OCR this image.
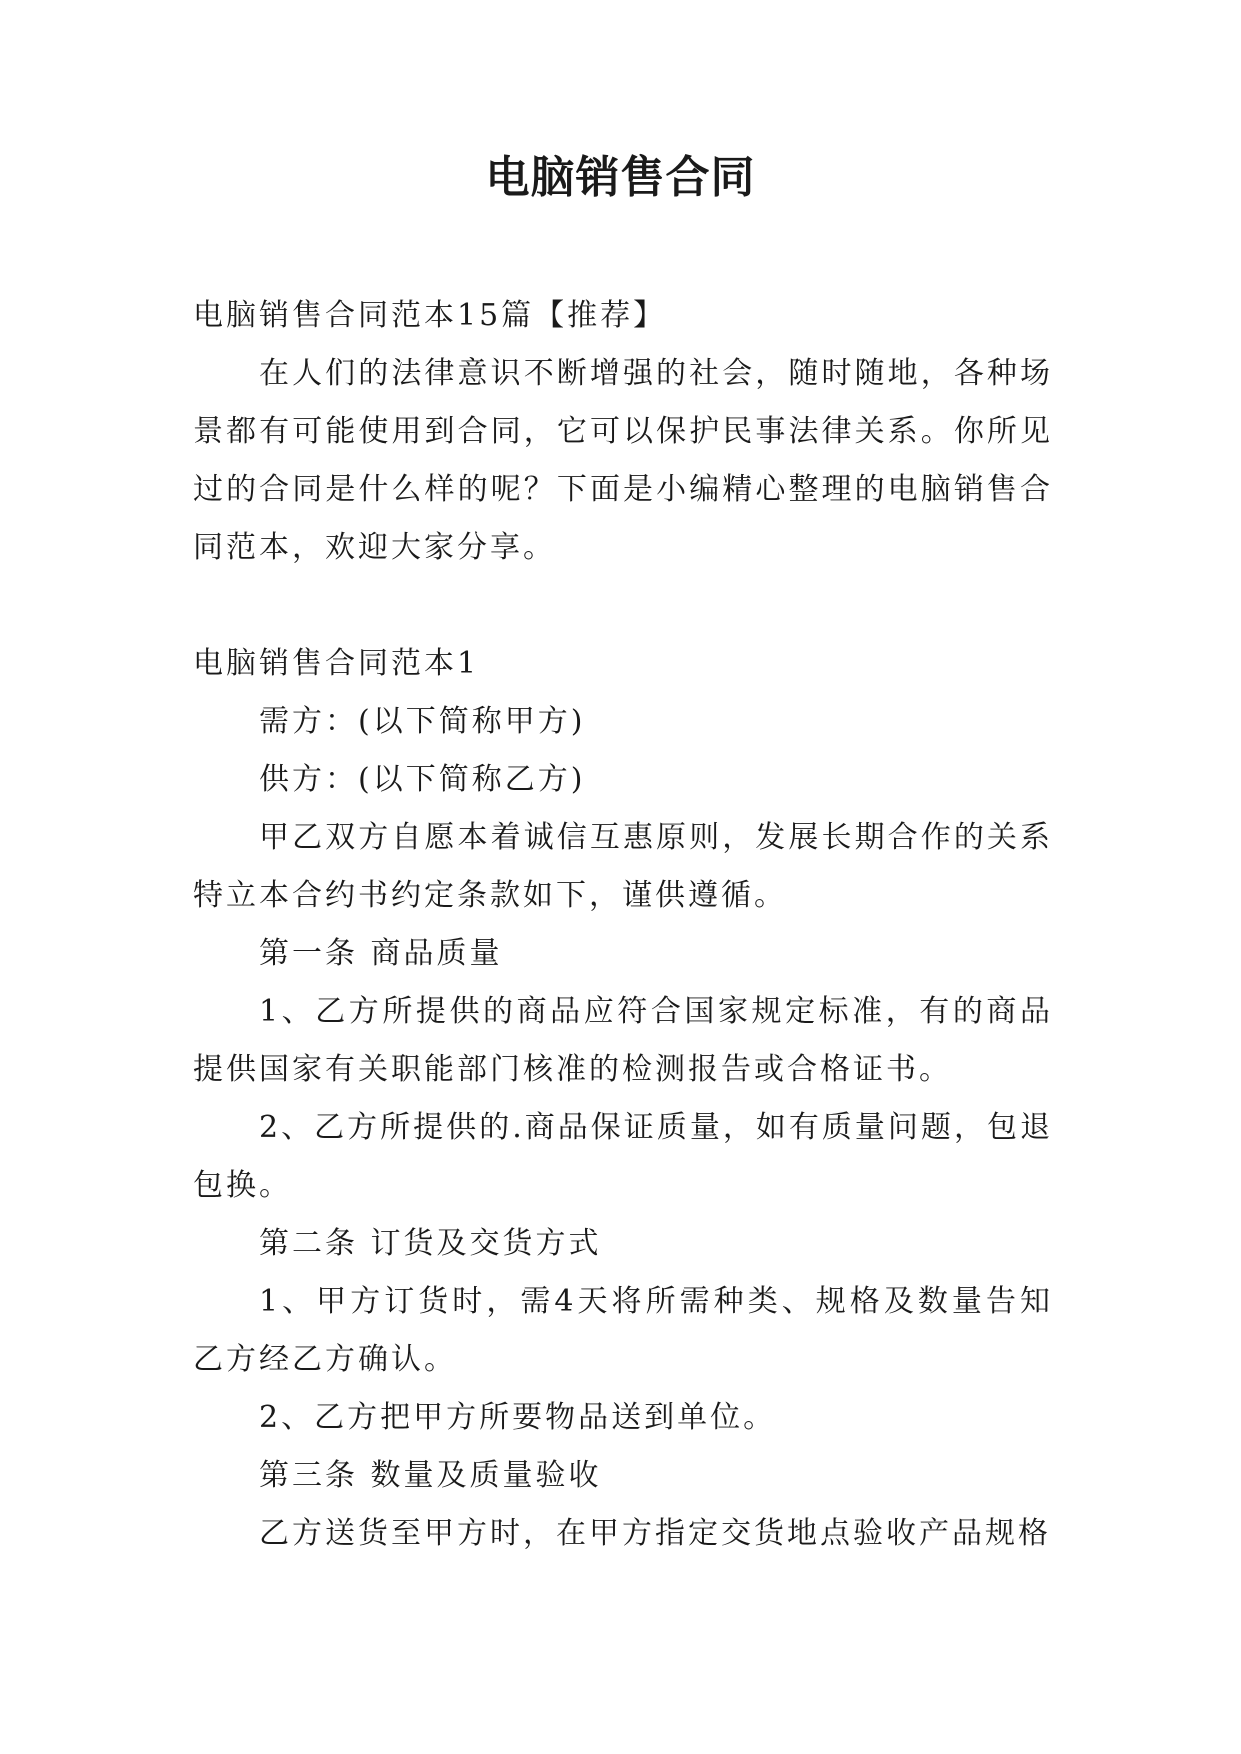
电脑销售合同

电脑销售合同范本15篇【推荐】

在人们的法律意识不断增强的社会，随时随地，各种场景都有可能使用到合同，它可以保护民事法律关系。你所见过的合同是什么样的呢？下面是小编精心整理的电脑销售合同范本，欢迎大家分享。

电脑销售合同范本1

需方：(以下简称甲方)

供方：(以下简称乙方)

甲乙双方自愿本着诚信互惠原则，发展长期合作的关系特立本合约书约定条款如下，谨供遵循。

第一条 商品质量

1、乙方所提供的商品应符合国家规定标准，有的商品提供国家有关职能部门核准的检测报告或合格证书。

2、乙方所提供的.商品保证质量，如有质量问题，包退包换。

第二条 订货及交货方式

1、甲方订货时，需4天将所需种类、规格及数量告知乙方经乙方确认。

2、乙方把甲方所要物品送到单位。

第三条 数量及质量验收

乙方送货至甲方时，在甲方指定交货地点验收产品规格
